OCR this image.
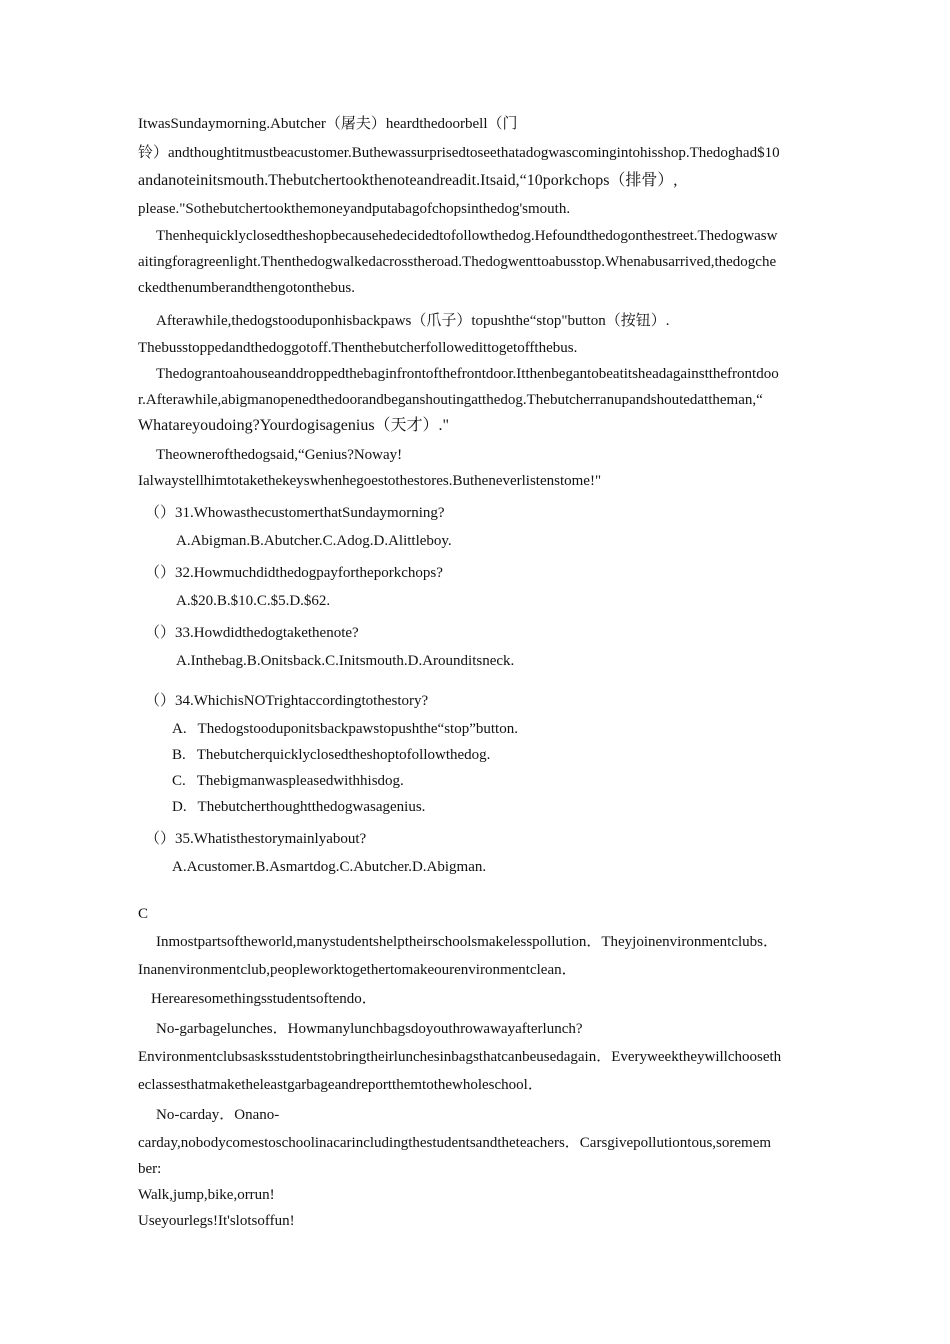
ItwasSundaymorning.Abutcher（屠夫）heardthedoorbell（门
铃）andthoughtitmustbeacustomer.Buthewassurprisedtoseethatadogwascomingintohisshop.Thedoghad$10
andanoteinitsmouth.Thebutchertookthenoteandreadit.Itsaid,“10porkchops（排骨）,
please."Sothebutchertookthemoneyandputabagofchopsinthedog'smouth.
Thenhequicklyclosedtheshopbecausehedecidedtofollowthedog.Hefoundthedogonthestreet.Thedogwasw
aitingforagreenlight.Thenthedogwalkedacrosstheroad.Thedogwenttoabusstop.Whenabusarrived,thedogche
ckedthenumberandthengotonthebus.
Afterawhile,thedogstooduponhisbackpaws（爪子）topushthe“stop"button（按钮）.
Thebusstoppedandthedoggotoff.Thenthebutcherfollowedittogetoffthebus.
Thedograntoahouseanddroppedthebaginfrontofthefrontdoor.Itthenbegantobeatitsheadagainstthefrontdoo
r.Afterawhile,abigmanopenedthedoorandbeganshoutingatthedog.Thebutcherranupandshoutedattheman,“
Whatareyoudoing?Yourdogisagenius（天才）."
Theownerofthedogsaid,“Genius?Noway!
Ialwaystellhimtotakethekeyswhenhegoestothestores.Butheneverlistenstome!"
（）31.WhowasthecustomerthatSundaymorning?
A.Abigman.B.Abutcher.C.Adog.D.Alittleboy.
（）32.Howmuchdidthedogpayfortheporkchops?
A.$20.B.$10.C.$5.D.$62.
（）33.Howdidthedogtakethenote?
A.Inthebag.B.Onitsback.C.Initsmouth.D.Arounditsneck.
（）34.WhichisNOTrightaccordingtothestory?
A.   Thedogstooduponitsbackpawstopushthe“stop”button.
B.   Thebutcherquicklyclosedtheshoptofollowthedog.
C.   Thebigmanwaspleasedwithhisdog.
D.   Thebutcherthoughtthedogwasagenius.
（）35.Whatisthestorymainlyabout?
A.Acustomer.B.Asmartdog.C.Abutcher.D.Abigman.
C
Inmostpartsoftheworld,manystudentshelptheirschoolsmakelesspollution．Theyjoinenvironmentclubs．
Inanenvironmentclub,peopleworktogethertomakeourenvironmentclean．
Herearesomethingsstudentsoftendo．
No-garbagelunches．Howmanylunchbagsdoyouthrowawayafterlunch?
Environmentclubsasksstudentstobringtheirlunchesinbagsthatcanbeusedagain．Everyweektheywillchooseth
eclassesthatmaketheleastgarbageandreportthemtothewholeschool．
No-carday．Onano-
carday,nobodycomestoschoolinacarincludingthestudentsandtheteachers．Carsgivepollutiontous,soremem
ber:
Walk,jump,bike,orrun!
Useyourlegs!It'slotsoffun!
